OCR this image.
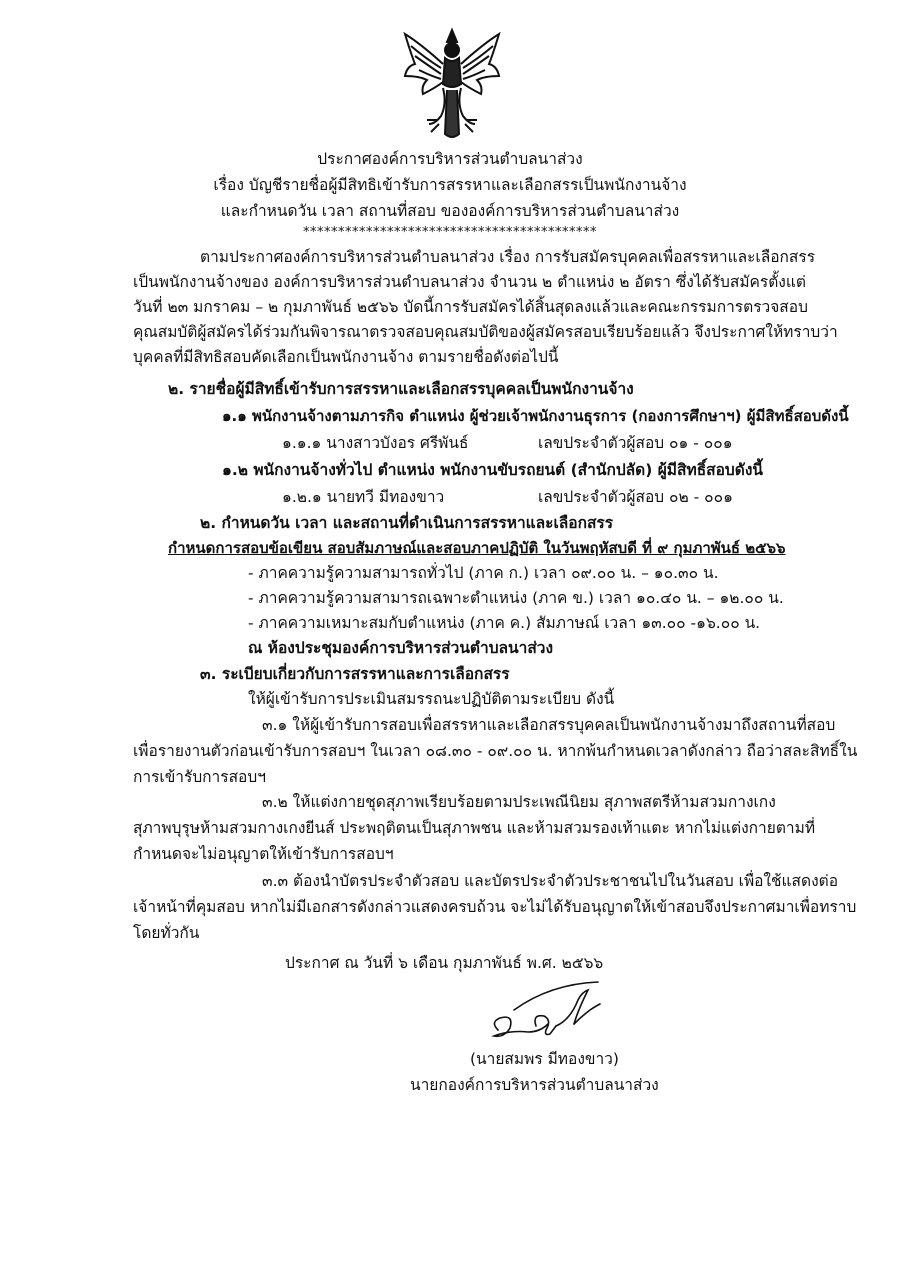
ประกาศองค์การบริหารส่วนตำบลนาส่วง
เรื่อง บัญชีรายชื่อผู้มีสิทธิเข้ารับการสรรหาและเลือกสรรเป็นพนักงานจ้าง
และกำหนดวัน เวลา สถานที่สอบ ขององค์การบริหารส่วนตำบลนาส่วง
******************************************
ตามประกาศองค์การบริหารส่วนตำบลนาส่วง เรื่อง การรับสมัครบุคคลเพื่อสรรหาและเลือกสรร
เป็นพนักงานจ้างของ องค์การบริหารส่วนตำบลนาส่วง จำนวน ๒ ตำแหน่ง ๒ อัตรา ซึ่งได้รับสมัครตั้งแต่
วันที่ ๒๓ มกราคม – ๒ กุมภาพันธ์ ๒๕๖๖ บัดนี้การรับสมัครได้สิ้นสุดลงแล้วและคณะกรรมการตรวจสอบ
คุณสมบัติผู้สมัครได้ร่วมกันพิจารณาตรวจสอบคุณสมบัติของผู้สมัครสอบเรียบร้อยแล้ว จึงประกาศให้ทราบว่า
บุคคลที่มีสิทธิสอบคัดเลือกเป็นพนักงานจ้าง ตามรายชื่อดังต่อไปนี้
๒. รายชื่อผู้มีสิทธิ์เข้ารับการสรรหาและเลือกสรรบุคคลเป็นพนักงานจ้าง
๑.๑ พนักงานจ้างตามภารกิจ ตำแหน่ง ผู้ช่วยเจ้าพนักงานธุรการ (กองการศึกษาฯ) ผู้มีสิทธิ์สอบดังนี้
๑.๑.๑ นางสาวบังอร ศรีพันธ์	เลขประจำตัวผู้สอบ ๐๑ - ๐๐๑
๑.๒ พนักงานจ้างทั่วไป ตำแหน่ง พนักงานขับรถยนต์ (สำนักปลัด) ผู้มีสิทธิ์สอบดังนี้
๑.๒.๑ นายทวี มีทองขาว	เลขประจำตัวผู้สอบ ๐๒ - ๐๐๑
๒. กำหนดวัน เวลา และสถานที่ดำเนินการสรรหาและเลือกสรร
กำหนดการสอบข้อเขียน สอบสัมภาษณ์และสอบภาคปฏิบัติ ในวันพฤหัสบดี ที่ ๙ กุมภาพันธ์ ๒๕๖๖
- ภาคความรู้ความสามารถทั่วไป (ภาค ก.) เวลา ๐๙.๐๐ น. – ๑๐.๓๐ น.
- ภาคความรู้ความสามารถเฉพาะตำแหน่ง (ภาค ข.) เวลา ๑๐.๔๐ น. – ๑๒.๐๐ น.
- ภาคความเหมาะสมกับตำแหน่ง (ภาค ค.) สัมภาษณ์ เวลา ๑๓.๐๐ -๑๖.๐๐ น.
ณ ห้องประชุมองค์การบริหารส่วนตำบลนาส่วง
๓. ระเบียบเกี่ยวกับการสรรหาและการเลือกสรร
ให้ผู้เข้ารับการประเมินสมรรถนะปฏิบัติตามระเบียบ ดังนี้
๓.๑ ให้ผู้เข้ารับการสอบเพื่อสรรหาและเลือกสรรบุคคลเป็นพนักงานจ้างมาถึงสถานที่สอบ
เพื่อรายงานตัวก่อนเข้ารับการสอบฯ ในเวลา ๐๘.๓๐ - ๐๙.๐๐ น. หากพ้นกำหนดเวลาดังกล่าว ถือว่าสละสิทธิ์ใน
การเข้ารับการสอบฯ
๓.๒ ให้แต่งกายชุดสุภาพเรียบร้อยตามประเพณีนิยม สุภาพสตรีห้ามสวมกางเกง
สุภาพบุรุษห้ามสวมกางเกงยีนส์ ประพฤติตนเป็นสุภาพชน และห้ามสวมรองเท้าแตะ หากไม่แต่งกายตามที่
กำหนดจะไม่อนุญาตให้เข้ารับการสอบฯ
๓.๓ ต้องนำบัตรประจำตัวสอบ และบัตรประจำตัวประชาชนไปในวันสอบ เพื่อใช้แสดงต่อ
เจ้าหน้าที่คุมสอบ หากไม่มีเอกสารดังกล่าวแสดงครบถ้วน จะไม่ได้รับอนุญาตให้เข้าสอบจึงประกาศมาเพื่อทราบ
โดยทั่วกัน
ประกาศ ณ วันที่ ๖ เดือน กุมภาพันธ์ พ.ศ. ๒๕๖๖
(นายสมพร มีทองขาว)
นายกองค์การบริหารส่วนตำบลนาส่วง
